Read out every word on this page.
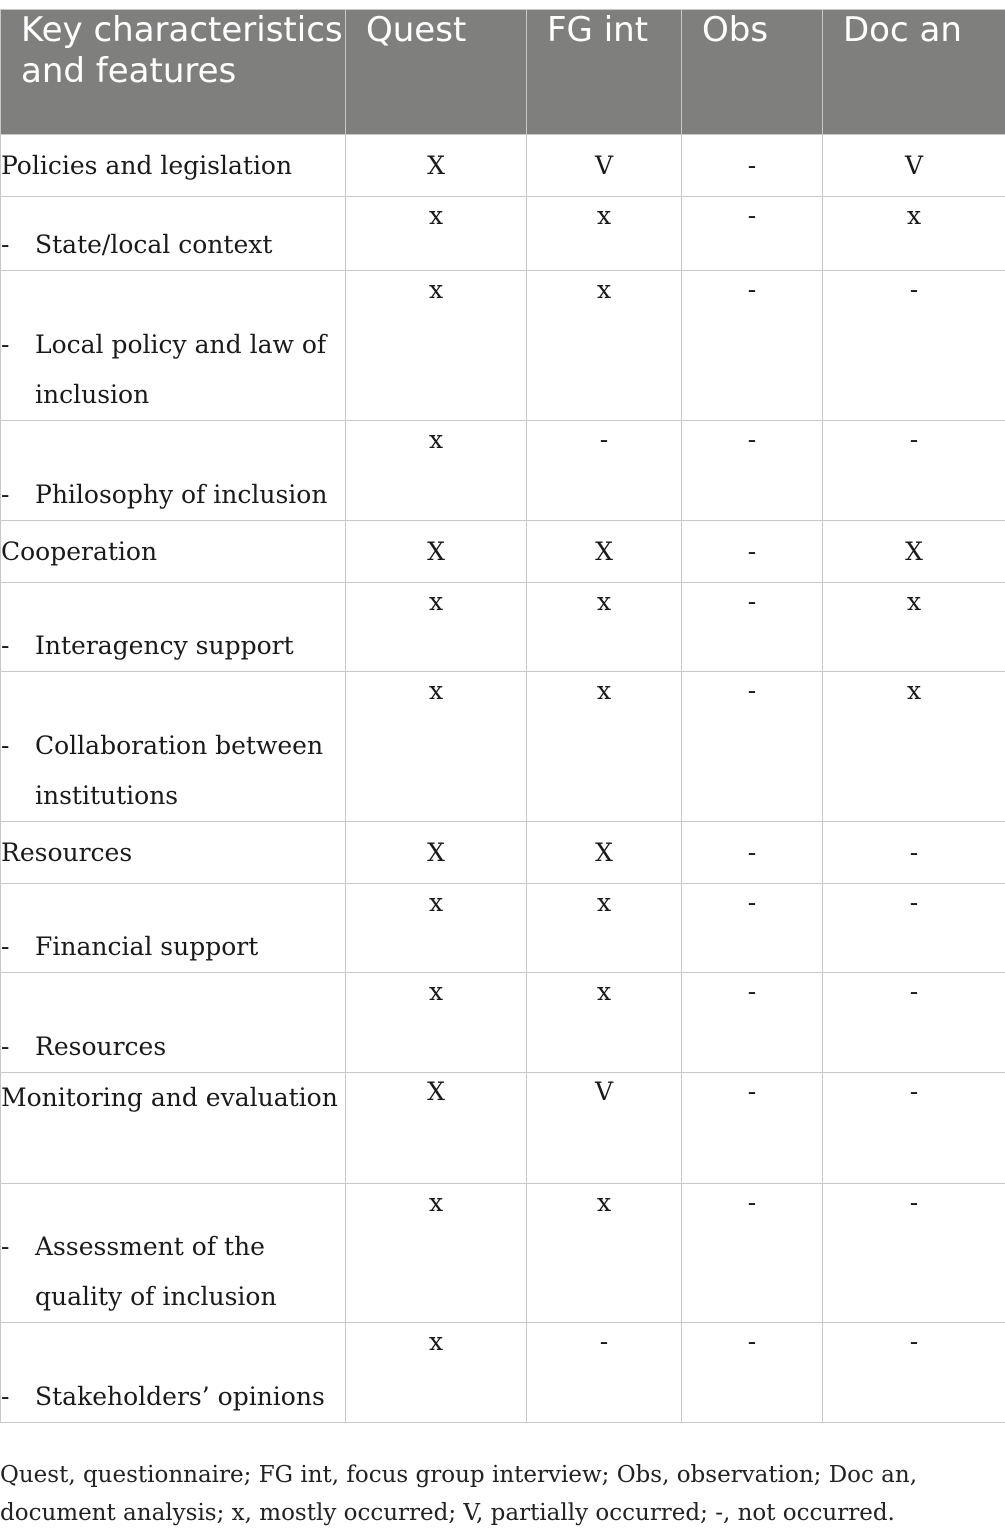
Key characteristics and features	Quest	FG int	Obs	Doc an
Policies and legislation	X	V	-	V

- State/local context	x	x	-	x

- Local policy and law of inclusion	x	x	-	-

- Philosophy of inclusion	x	-	-	-
Cooperation	X	X	-	X

- Interagency support	x	x	-	x

- Collaboration between institutions	x	x	-	x
Resources	X	X	-	-

- Financial support	x	x	-	-

- Resources	x	x	-	-
Monitoring and evaluation	X	V	-	-

- Assessment of the quality of inclusion	x	x	-	-

- Stakeholders’ opinions	x	-	-	-
Quest, questionnaire; FG int, focus group interview; Obs, observation; Doc an, document analysis; x, mostly occurred; V, partially occurred; -, not occurred.
